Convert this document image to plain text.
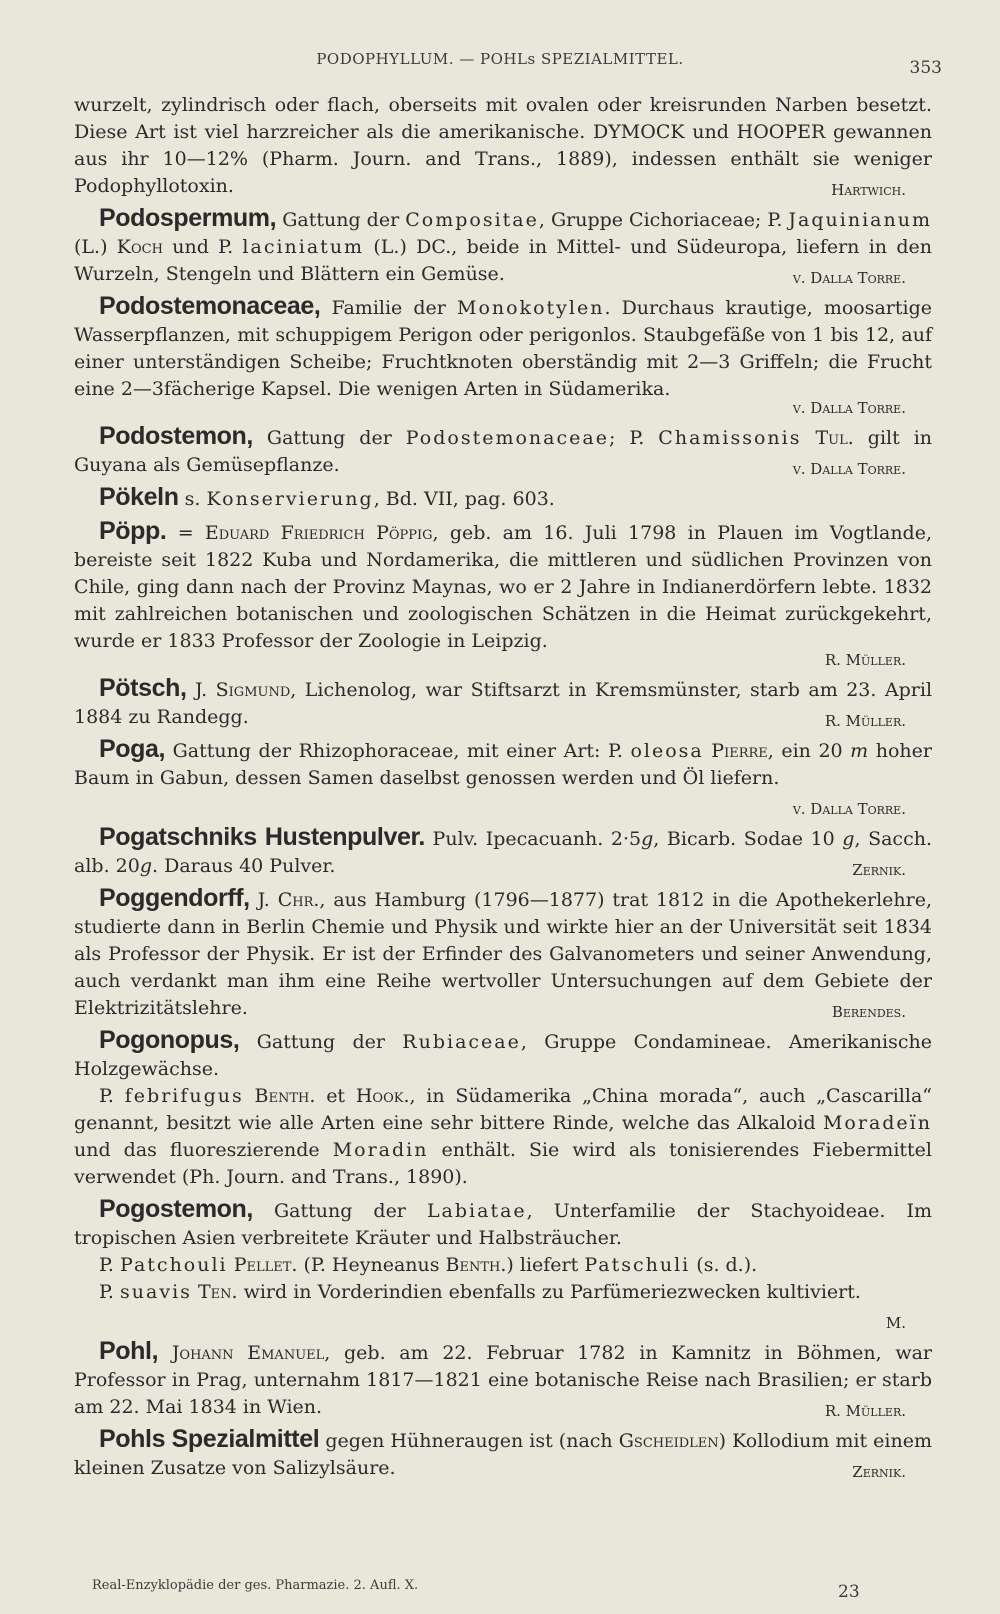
PODOPHYLLUM. — POHLs SPEZIALMITTEL.	353

wurzelt, zylindrisch oder flach, oberseits mit ovalen oder kreisrunden Narben besetzt. Diese Art ist viel harzreicher als die amerikanische. DYMOCK und HOOPER gewannen aus ihr 10—12% (Pharm. Journ. and Trans., 1889), indessen enthält sie weniger Podophyllotoxin.	Hartwich.

Podospermum, Gattung der Compositae, Gruppe Cichoriaceae; P. Jaquinianum (L.) Koch und P. laciniatum (L.) DC., beide in Mittel- und Südeuropa, liefern in den Wurzeln, Stengeln und Blättern ein Gemüse.	v. Dalla Torre.

Podostemonaceae, Familie der Monokotylen. Durchaus krautige, moosartige Wasserpflanzen, mit schuppigem Perigon oder perigonlos. Staubgefäße von 1 bis 12, auf einer unterständigen Scheibe; Fruchtknoten oberständig mit 2—3 Griffeln; die Frucht eine 2—3fächerige Kapsel. Die wenigen Arten in Südamerika.

v. Dalla Torre.

Podostemon, Gattung der Podostemonaceae; P. Chamissonis Tul. gilt in Guyana als Gemüsepflanze.	v. Dalla Torre.

Pökeln s. Konservierung, Bd. VII, pag. 603.

Pöpp. = Eduard Friedrich Pöppig, geb. am 16. Juli 1798 in Plauen im Vogtlande, bereiste seit 1822 Kuba und Nordamerika, die mittleren und südlichen Provinzen von Chile, ging dann nach der Provinz Maynas, wo er 2 Jahre in Indianerdörfern lebte. 1832 mit zahlreichen botanischen und zoologischen Schätzen in die Heimat zurückgekehrt, wurde er 1833 Professor der Zoologie in Leipzig.

R. Müller.

Pötsch, J. Sigmund, Lichenolog, war Stiftsarzt in Kremsmünster, starb am 23. April 1884 zu Randegg.	R. Müller.

Poga, Gattung der Rhizophoraceae, mit einer Art: P. oleosa Pierre, ein 20 m hoher Baum in Gabun, dessen Samen daselbst genossen werden und Öl liefern.
v. Dalla Torre.

Pogatschniks Hustenpulver. Pulv. Ipecacuanh. 2·5g, Bicarb. Sodae 10 g, Sacch. alb. 20g. Daraus 40 Pulver.	Zernik.

Poggendorff, J. Chr., aus Hamburg (1796—1877) trat 1812 in die Apothekerlehre, studierte dann in Berlin Chemie und Physik und wirkte hier an der Universität seit 1834 als Professor der Physik. Er ist der Erfinder des Galvanometers und seiner Anwendung, auch verdankt man ihm eine Reihe wertvoller Untersuchungen auf dem Gebiete der Elektrizitätslehre.	Berendes.

Pogonopus, Gattung der Rubiaceae, Gruppe Condamineae. Amerikanische Holzgewächse.

P. febrifugus Benth. et Hook., in Südamerika „China morada“, auch „Cascarilla“ genannt, besitzt wie alle Arten eine sehr bittere Rinde, welche das Alkaloid Moradeïn und das fluoreszierende Moradin enthält. Sie wird als tonisierendes Fiebermittel verwendet (Ph. Journ. and Trans., 1890).

Pogostemon, Gattung der Labiatae, Unterfamilie der Stachyoideae. Im tropischen Asien verbreitete Kräuter und Halbsträucher.

P. Patchouli Pellet. (P. Heyneanus Benth.) liefert Patschuli (s. d.).

P. suavis Ten. wird in Vorderindien ebenfalls zu Parfümeriezwecken kultiviert.
M.

Pohl, Johann Emanuel, geb. am 22. Februar 1782 in Kamnitz in Böhmen, war Professor in Prag, unternahm 1817—1821 eine botanische Reise nach Brasilien; er starb am 22. Mai 1834 in Wien.	R. Müller.

Pohls Spezialmittel gegen Hühneraugen ist (nach Gscheidlen) Kollodium mit einem kleinen Zusatze von Salizylsäure.	Zernik.

Real-Enzyklopädie der ges. Pharmazie. 2. Aufl. X.	23
